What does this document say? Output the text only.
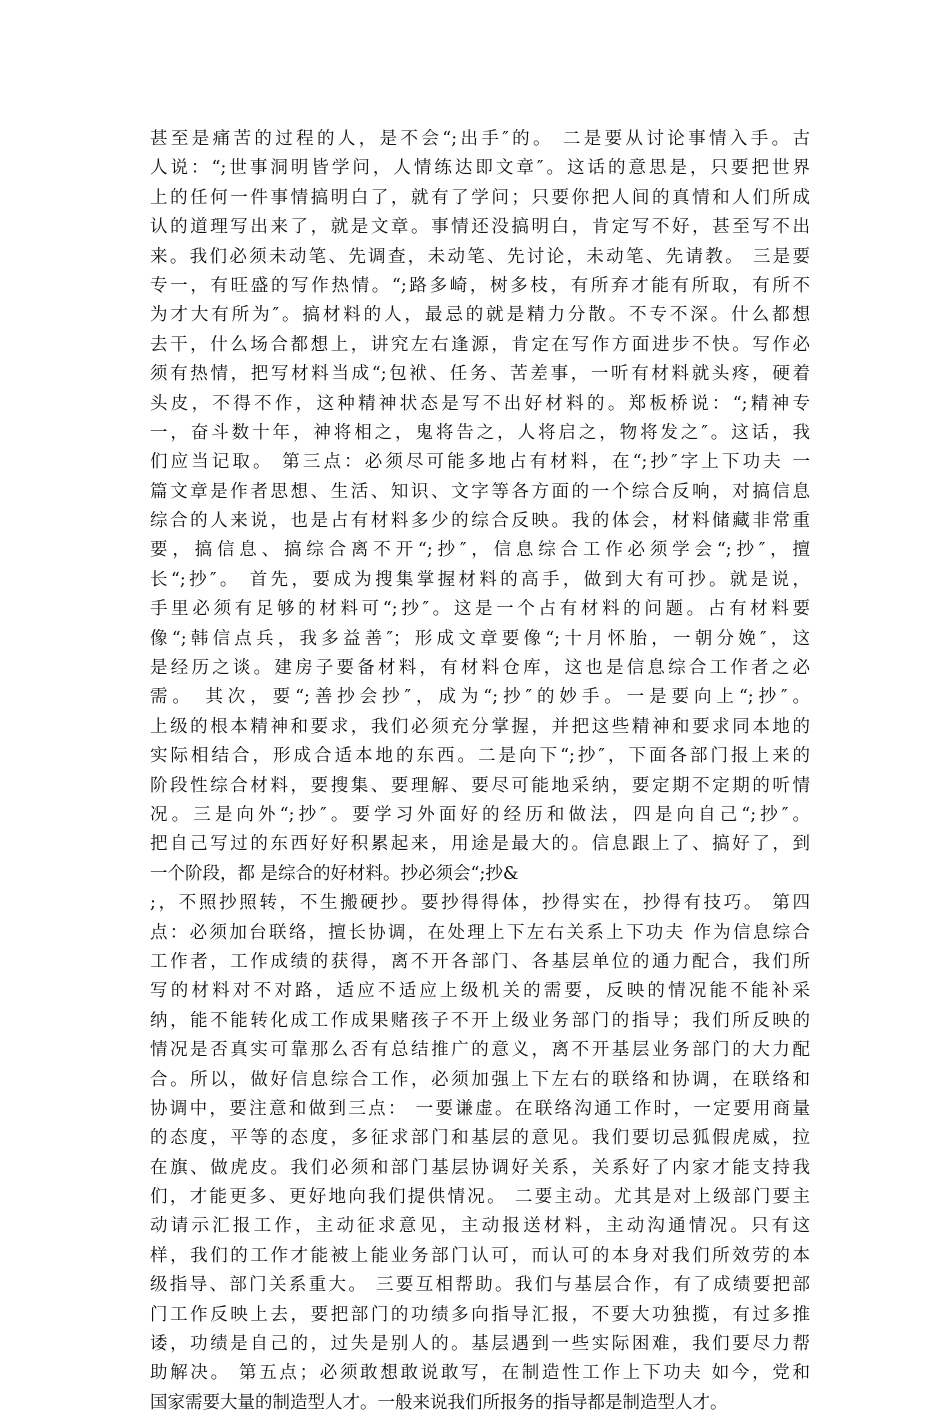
甚至是痛苦的过程的人，是不会“;出手″的。 二是要从讨论事情入手。古
人说：“;世事洞明皆学问，人情练达即文章″。这话的意思是，只要把世界
上的任何一件事情搞明白了，就有了学问；只要你把人间的真情和人们所成
认的道理写出来了，就是文章。事情还没搞明白，肯定写不好，甚至写不出
来。我们必须未动笔、先调查，未动笔、先讨论，未动笔、先请教。 三是要
专一，有旺盛的写作热情。“;路多崎，树多枝，有所弃才能有所取，有所不
为才大有所为″。搞材料的人，最忌的就是精力分散。不专不深。什么都想
去干，什么场合都想上，讲究左右逢源，肯定在写作方面进步不快。写作必
须有热情，把写材料当成“;包袱、任务、苦差事，一听有材料就头疼，硬着
头皮，不得不作，这种精神状态是写不出好材料的。郑板桥说：“;精神专
一，奋斗数十年，神将相之，鬼将告之，人将启之，物将发之″。这话，我
们应当记取。 第三点：必须尽可能多地占有材料，在“;抄″字上下功夫 一
篇文章是作者思想、生活、知识、文字等各方面的一个综合反响，对搞信息
综合的人来说，也是占有材料多少的综合反映。我的体会，材料储藏非常重
要，搞信息、搞综合离不开“;抄″，信息综合工作必须学会“;抄″，擅
长“;抄″。 首先，要成为搜集掌握材料的高手，做到大有可抄。就是说，
手里必须有足够的材料可“;抄″。这是一个占有材料的问题。占有材料要
像“;韩信点兵，我多益善″；形成文章要像“;十月怀胎，一朝分娩″，这
是经历之谈。建房子要备材料，有材料仓库，这也是信息综合工作者之必
需。 其次，要“;善抄会抄″，成为“;抄″的妙手。一是要向上“;抄″。
上级的根本精神和要求，我们必须充分掌握，并把这些精神和要求同本地的
实际相结合，形成合适本地的东西。二是向下“;抄″，下面各部门报上来的
阶段性综合材料，要搜集、要理解、要尽可能地采纳，要定期不定期的听情
况。三是向外“;抄″。要学习外面好的经历和做法，四是向自己“;抄″。
把自己写过的东西好好积累起来，用途是最大的。信息跟上了、搞好了，到
一个阶段，都 是综合的好材料。抄必须会“;抄&
;，不照抄照转，不生搬硬抄。要抄得得体，抄得实在，抄得有技巧。 第四
点：必须加台联络，擅长协调，在处理上下左右关系上下功夫 作为信息综合
工作者，工作成绩的获得，离不开各部门、各基层单位的通力配合，我们所
写的材料对不对路，适应不适应上级机关的需要，反映的情况能不能补采
纳，能不能转化成工作成果赌孩子不开上级业务部门的指导；我们所反映的
情况是否真实可靠那么否有总结推广的意义，离不开基层业务部门的大力配
合。所以，做好信息综合工作，必须加强上下左右的联络和协调，在联络和
协调中，要注意和做到三点： 一要谦虚。在联络沟通工作时，一定要用商量
的态度，平等的态度，多征求部门和基层的意见。我们要切忌狐假虎威，拉
在旗、做虎皮。我们必须和部门基层协调好关系，关系好了内家才能支持我
们，才能更多、更好地向我们提供情况。 二要主动。尤其是对上级部门要主
动请示汇报工作，主动征求意见，主动报送材料，主动沟通情况。只有这
样，我们的工作才能被上能业务部门认可，而认可的本身对我们所效劳的本
级指导、部门关系重大。 三要互相帮助。我们与基层合作，有了成绩要把部
门工作反映上去，要把部门的功绩多向指导汇报，不要大功独揽，有过多推
诿，功绩是自己的，过失是别人的。基层遇到一些实际困难，我们要尽力帮
助解决。 第五点；必须敢想敢说敢写，在制造性工作上下功夫 如今，党和
国家需要大量的制造型人才。一般来说我们所报务的指导都是制造型人才。
